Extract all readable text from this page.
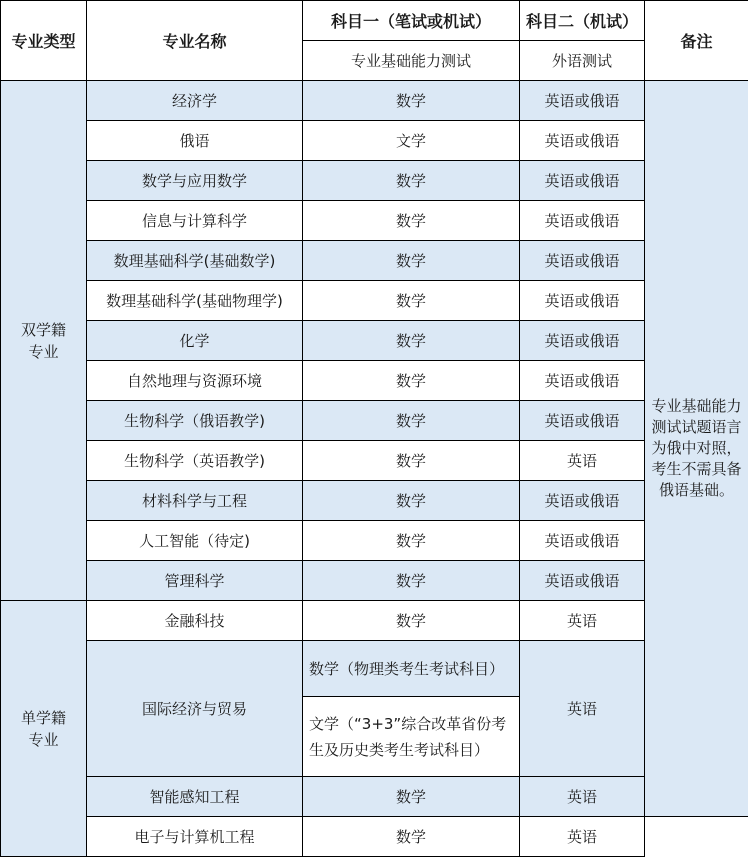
专业类型	专业名称	科目一（笔试或机试）	科目二（机试）	备注
		专业基础能力测试	外语测试	
双学籍
专业	经济学	数学	英语或俄语	专业基础能力测试试题语言为俄中对照，考生不需具备俄语基础。

	俄语	文学	英语或俄语	
	数学与应用数学	数学	英语或俄语	
	信息与计算科学	数学	英语或俄语	
	数理基础科学(基础数学)	数学	英语或俄语	
	数理基础科学(基础物理学)	数学	英语或俄语	
	化学	数学	英语或俄语	
	自然地理与资源环境	数学	英语或俄语	
	生物科学（俄语教学)	数学	英语或俄语	
	生物科学（英语教学)	数学	英语	
	材料科学与工程	数学	英语或俄语	
	人工智能（待定)	数学	英语或俄语	
	管理科学	数学	英语或俄语	
单学籍
专业	金融科技	数学	英语	
	国际经济与贸易	数学（物理类考生考试科目）	英语	
		文学（“3+3”综合改革省份考生及历史类考生考试科目）		
	智能感知工程	数学	英语	
	电子与计算机工程	数学	英语	
